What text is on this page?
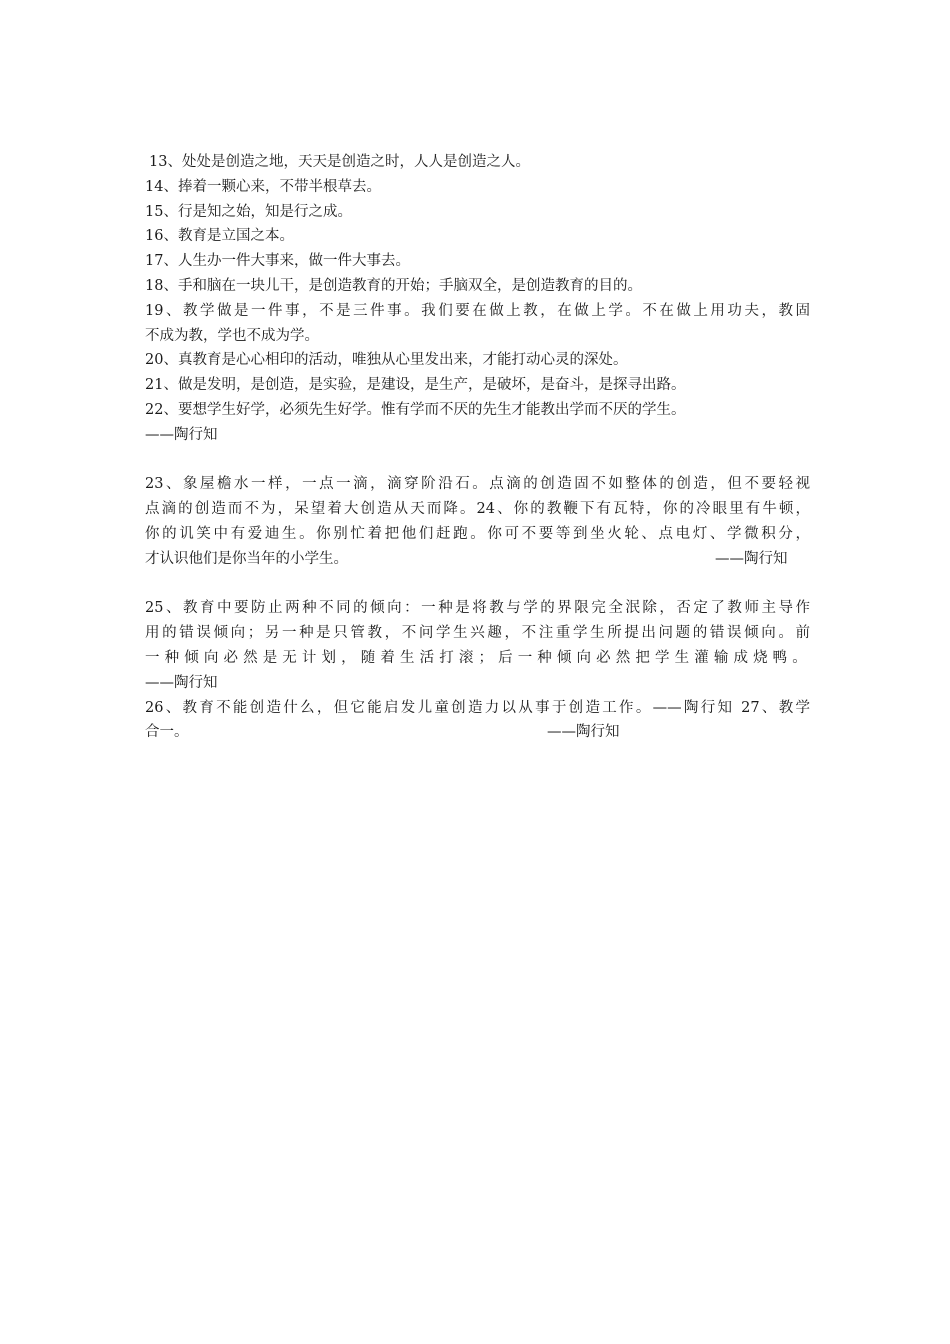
13、处处是创造之地，天天是创造之时，人人是创造之人。
14、捧着一颗心来，不带半根草去。
15、行是知之始，知是行之成。
16、教育是立国之本。
17、人生办一件大事来，做一件大事去。
18、手和脑在一块儿干，是创造教育的开始；手脑双全，是创造教育的目的。
19、教学做是一件事，不是三件事。我们要在做上教，在做上学。不在做上用功夫，教固
不成为教，学也不成为学。
20、真教育是心心相印的活动，唯独从心里发出来，才能打动心灵的深处。
21、做是发明，是创造，是实验，是建设，是生产，是破坏，是奋斗，是探寻出路。
22、要想学生好学，必须先生好学。惟有学而不厌的先生才能教出学而不厌的学生。
——陶行知
23、象屋檐水一样，一点一滴，滴穿阶沿石。点滴的创造固不如整体的创造，但不要轻视
点滴的创造而不为，呆望着大创造从天而降。24、你的教鞭下有瓦特，你的冷眼里有牛顿，
你的讥笑中有爱迪生。你别忙着把他们赶跑。你可不要等到坐火轮、点电灯、学微积分，
才认识他们是你当年的小学生。	——陶行知
25、教育中要防止两种不同的倾向：一种是将教与学的界限完全泯除，否定了教师主导作
用的错误倾向；另一种是只管教，不问学生兴趣，不注重学生所提出问题的错误倾向。前
一种倾向必然是无计划，随着生活打滚；后一种倾向必然把学生灌输成烧鸭。
——陶行知
26、教育不能创造什么，但它能启发儿童创造力以从事于创造工作。——陶行知 27、教学
合一。	——陶行知
